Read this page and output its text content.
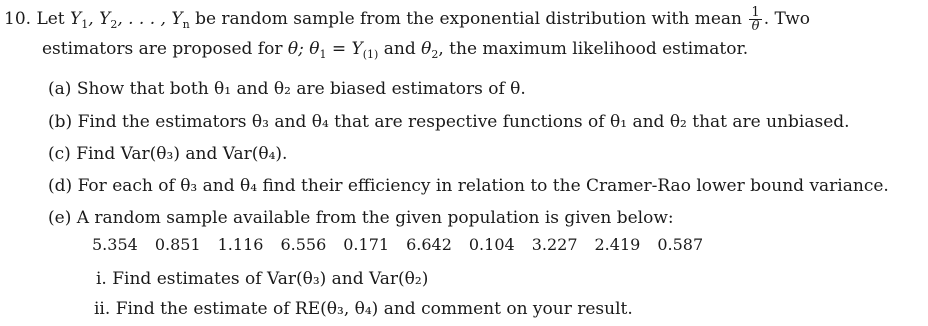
10. Let $Y_1$, $Y_2$, . . . , $Y_n$ be random sample from the exponential distribution with mean $\frac{1}{\theta}$ . Two
estimators are proposed for θ; $\theta_1 = Y_{(1)}$ and $\theta_2$, the maximum likelihood estimator.
(a) Show that both θ₁ and θ₂ are biased estimators of θ.
(b) Find the estimators θ₃ and θ₄ that are respective functions of θ₁ and θ₂ that are unbiased.
(c) Find Var(θ₃) and Var(θ₄).
(d) For each of θ₃ and θ₄ find their efficiency in relation to the Cramer-Rao lower bound variance.
(e) A random sample available from the given population is given below:
5.354 0.851 1.116 6.556 0.171 6.642 0.104 3.227 2.419 0.587
i. Find estimates of Var(θ₃) and Var(θ₂)
ii. Find the estimate of RE(θ₃, θ₄) and comment on your result.
